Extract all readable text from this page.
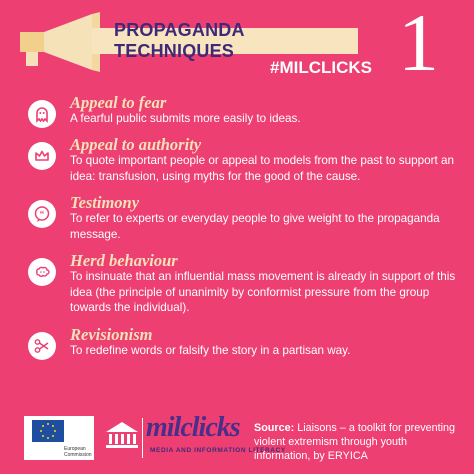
PROPAGANDA TECHNIQUES
#MILCLICKS 1
Appeal to fear
A fearful public submits more easily to ideas.
Appeal to authority
To quote important people or appeal to models from the past to support an idea: transfusion, using myths for the good of the cause.
“
Testimony
To refer to experts or everyday people to give weight to the propaganda message.
Herd behaviour
To insinuate that an influential mass movement is already in support of this idea (the principle of unanimity by conformist pressure from the group towards the individual).
Revisionism
To redefine words or falsify the story in a partisan way.
European Commission
milclicks
MEDIA AND INFORMATION LITERACY
Source: Liaisons – a toolkit for preventing violent extremism through youth information, by ERYICA
